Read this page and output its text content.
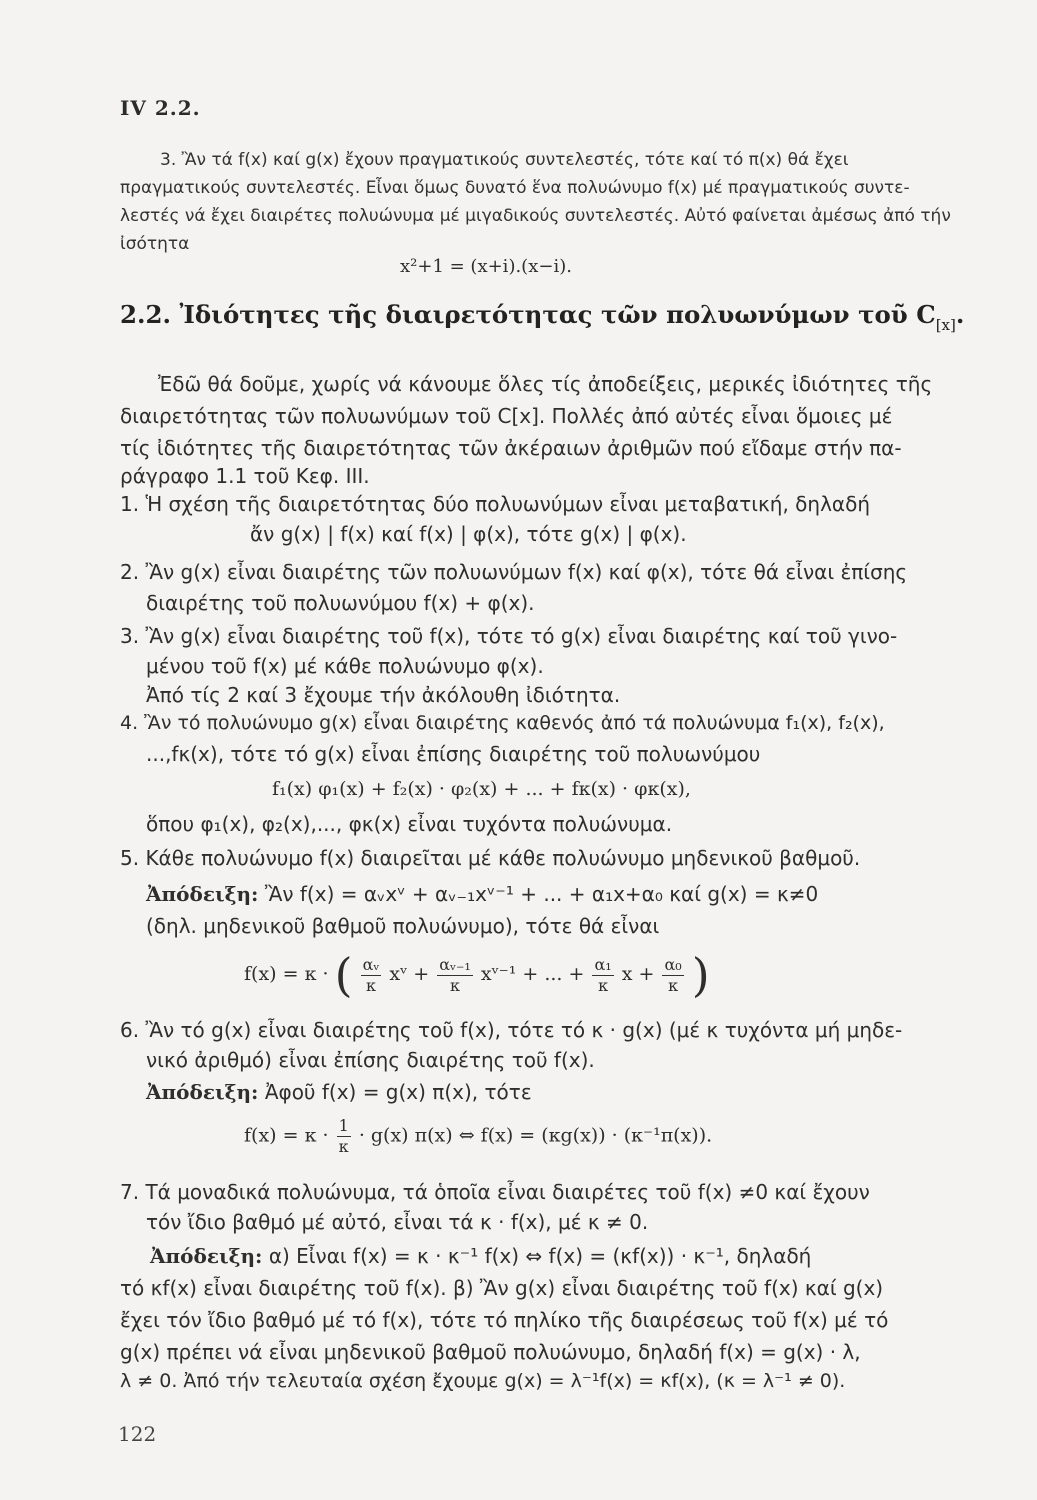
IV 2.2.
3. Ἂν τά f(x) καί g(x) ἔχουν πραγματικούς συντελεστές, τότε καί τό π(x) θά ἔχει
πραγματικούς συντελεστές. Εἶναι ὅμως δυνατό ἕνα πολυώνυμο f(x) μέ πραγματικούς συντε-
λεστές νά ἔχει διαιρέτες πολυώνυμα μέ μιγαδικούς συντελεστές. Αὐτό φαίνεται ἀμέσως ἀπό τήν
ἰσότητα
x²+1 = (x+i).(x−i).
2.2. Ἰδιότητες τῆς διαιρετότητας τῶν πολυωνύμων τοῦ $C_{[x]}$.
Ἐδῶ θά δοῦμε, χωρίς νά κάνουμε ὅλες τίς ἀποδείξεις, μερικές ἰδιότητες τῆς
διαιρετότητας τῶν πολυωνύμων τοῦ C[x]. Πολλές ἀπό αὐτές εἶναι ὅμοιες μέ
τίς ἰδιότητες τῆς διαιρετότητας τῶν ἀκέραιων ἀριθμῶν πού εἴδαμε στήν πα-
ράγραφο 1.1 τοῦ Κεφ. III.
1. Ἡ σχέση τῆς διαιρετότητας δύο πολυωνύμων εἶναι μεταβατική, δηλαδή
ἄν g(x) | f(x) καί f(x) | φ(x), τότε g(x) | φ(x).
2. Ἂν g(x) εἶναι διαιρέτης τῶν πολυωνύμων f(x) καί φ(x), τότε θά εἶναι ἐπίσης
διαιρέτης τοῦ πολυωνύμου f(x) + φ(x).
3. Ἂν g(x) εἶναι διαιρέτης τοῦ f(x), τότε τό g(x) εἶναι διαιρέτης καί τοῦ γινο-
μένου τοῦ f(x) μέ κάθε πολυώνυμο φ(x).
Ἀπό τίς 2 καί 3 ἔχουμε τήν ἀκόλουθη ἰδιότητα.
4. Ἂν τό πολυώνυμο g(x) εἶναι διαιρέτης καθενός ἀπό τά πολυώνυμα f₁(x), f₂(x),
...,fκ(x), τότε τό g(x) εἶναι ἐπίσης διαιρέτης τοῦ πολυωνύμου
f₁(x) φ₁(x) + f₂(x) · φ₂(x) + ... + fκ(x) · φκ(x),
ὅπου φ₁(x), φ₂(x),..., φκ(x) εἶναι τυχόντα πολυώνυμα.
5. Κάθε πολυώνυμο f(x) διαιρεῖται μέ κάθε πολυώνυμο μηδενικοῦ βαθμοῦ.
Ἀπόδειξη: Ἂν f(x) = αᵥxᵛ + αᵥ₋₁xᵛ⁻¹ + ... + α₁x+α₀ καί g(x) = κ≠0
(δηλ. μηδενικοῦ βαθμοῦ πολυώνυμο), τότε θά εἶναι
f(x) = κ · ( $\frac{\text{αᵥ}}{\kappa}$ xᵛ + $\frac{\text{αᵥ₋₁}}{\kappa}$ xᵛ⁻¹ + ... + $\frac{\text{α₁}}{\kappa}$ $x + \frac{\text{α₀}}{\kappa}$ )
6. Ἂν τό g(x) εἶναι διαιρέτης τοῦ f(x), τότε τό κ · g(x) (μέ κ τυχόντα μή μηδε-
νικό ἀριθμό) εἶναι ἐπίσης διαιρέτης τοῦ f(x).
Ἀπόδειξη: Ἀφοῦ f(x) = g(x) π(x), τότε
$f(x) = \kappa \cdot \frac{1}{\kappa} \cdot g(x)$ π(x) ⇔ f(x) = (κg(x)) · (κ⁻¹π(x)).
7. Τά μοναδικά πολυώνυμα, τά ὁποῖα εἶναι διαιρέτες τοῦ f(x) ≠0 καί ἔχουν
τόν ἴδιο βαθμό μέ αὐτό, εἶναι τά κ · f(x), μέ κ ≠ 0.
Ἀπόδειξη: α) Εἶναι f(x) = κ · κ⁻¹ f(x) ⇔ f(x) = (κf(x)) · κ⁻¹, δηλαδή
τό κf(x) εἶναι διαιρέτης τοῦ f(x). β) Ἂν g(x) εἶναι διαιρέτης τοῦ f(x) καί g(x)
ἔχει τόν ἴδιο βαθμό μέ τό f(x), τότε τό πηλίκο τῆς διαιρέσεως τοῦ f(x) μέ τό
g(x) πρέπει νά εἶναι μηδενικοῦ βαθμοῦ πολυώνυμο, δηλαδή f(x) = g(x) · λ,
λ ≠ 0. Ἀπό τήν τελευταία σχέση ἔχουμε g(x) = λ⁻¹f(x) = κf(x), (κ = λ⁻¹ ≠ 0).
122
